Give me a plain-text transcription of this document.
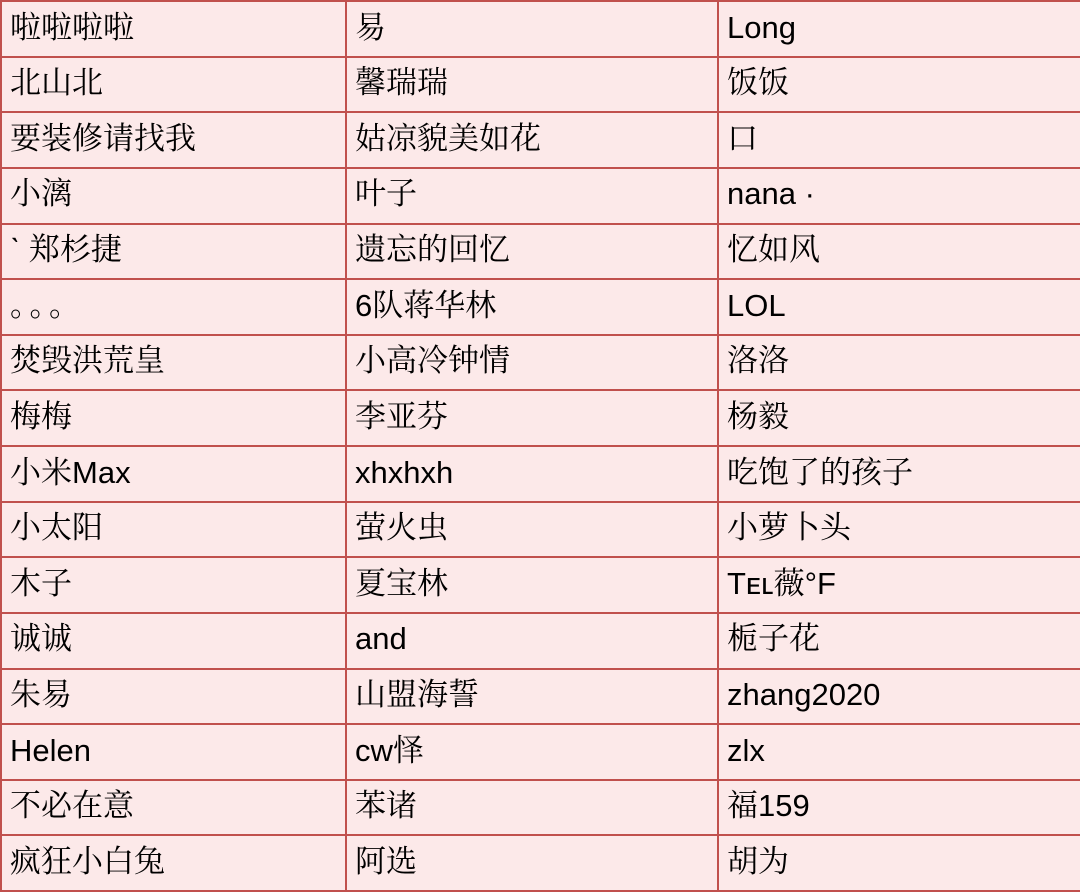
啦啦啦啦	易	Long
北山北	馨瑞瑞	饭饭
要装修请找我	姑凉貌美如花	口
小漓	叶子	nana ·
ˋ 郑杉捷	遗忘的回忆	忆如风
。。。	6队蒋华林	LOL
焚毁洪荒皇	小高冷钟情	洛洛
梅梅	李亚芬	杨毅
小米Max	xhxhxh	吃饱了的孩子
小太阳	萤火虫	小萝卜头
木子	夏宝林	Tᴇʟ薇°F
诚诚	and	栀子花
朱易	山盟海誓	zhang2020
Helen	cw怿	zlx
不必在意	苯诸	福159
疯狂小白兔	阿选	胡为
